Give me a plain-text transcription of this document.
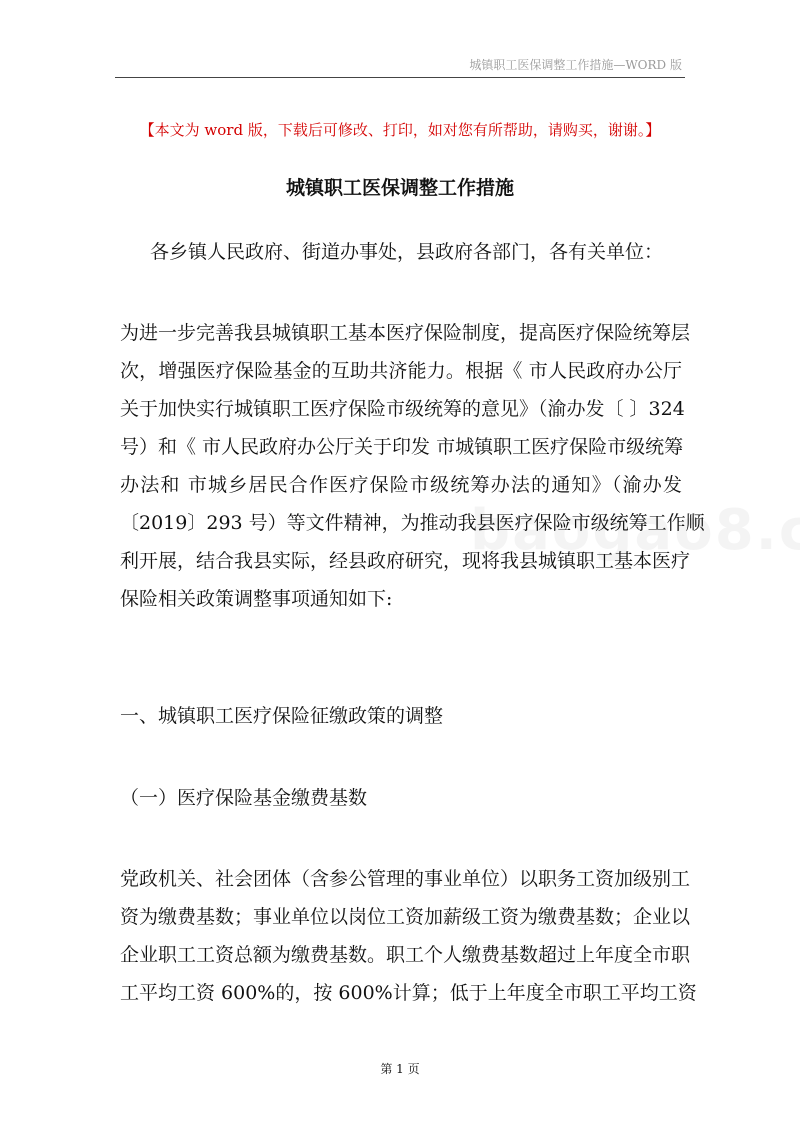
城镇职工医保调整工作措施—WORD 版
【本文为 word 版，下载后可修改、打印，如对您有所帮助，请购买，谢谢。】
城镇职工医保调整工作措施
各乡镇人民政府、街道办事处，县政府各部门，各有关单位：
为进一步完善我县城镇职工基本医疗保险制度，提高医疗保险统筹层
次，增强医疗保险基金的互助共济能力。根据《 市人民政府办公厅
关于加快实行城镇职工医疗保险市级统筹的意见》（渝办发〔 〕324
号）和《 市人民政府办公厅关于印发 市城镇职工医疗保险市级统筹
办法和 市城乡居民合作医疗保险市级统筹办法的通知》（渝办发
〔2019〕293 号）等文件精神，为推动我县医疗保险市级统筹工作顺
利开展，结合我县实际，经县政府研究，现将我县城镇职工基本医疗
保险相关政策调整事项通知如下:
一、城镇职工医疗保险征缴政策的调整
（一）医疗保险基金缴费基数
党政机关、社会团体（含参公管理的事业单位）以职务工资加级别工
资为缴费基数；事业单位以岗位工资加薪级工资为缴费基数；企业以
企业职工工资总额为缴费基数。职工个人缴费基数超过上年度全市职
工平均工资 600%的，按 600%计算；低于上年度全市职工平均工资
第 1 页
